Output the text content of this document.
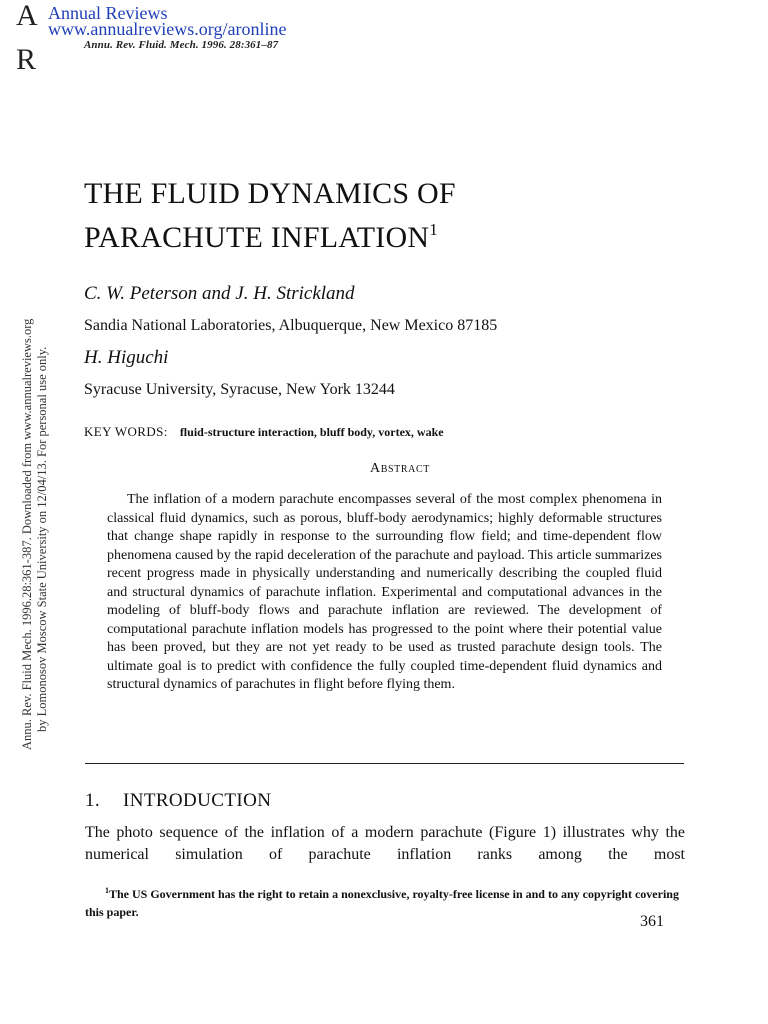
AR
Annual Reviews
www.annualreviews.org/aronline
Annu. Rev. Fluid. Mech. 1996. 28:361–87
Annu. Rev. Fluid Mech. 1996.28:361-387. Downloaded from www.annualreviews.org by Lomonosov Moscow State University on 12/04/13. For personal use only.
THE FLUID DYNAMICS OF
PARACHUTE INFLATION$^1$
C. W. Peterson and J. H. Strickland
Sandia National Laboratories, Albuquerque, New Mexico 87185
H. Higuchi
Syracuse University, Syracuse, New York 13244
KEY WORDS: fluid-structure interaction, bluff body, vortex, wake
Abstract

The inflation of a modern parachute encompasses several of the most complex phenomena in classical fluid dynamics, such as porous, bluff-body aerodynamics; highly deformable structures that change shape rapidly in response to the surrounding flow field; and time-dependent flow phenomena caused by the rapid deceleration of the parachute and payload. This article summarizes recent progress made in physically understanding and numerically describing the coupled fluid and structural dynamics of parachute inflation. Experimental and computational advances in the modeling of bluff-body flows and parachute inflation are reviewed. The development of computational parachute inflation models has progressed to the point where their potential value has been proved, but they are not yet ready to be used as trusted parachute design tools. The ultimate goal is to predict with confidence the fully coupled time-dependent fluid dynamics and structural dynamics of parachutes in flight before flying them.

1. INTRODUCTION

The photo sequence of the inflation of a modern parachute (Figure 1) illustrates why the numerical simulation of parachute inflation ranks among the most

$^1$The US Government has the right to retain a nonexclusive, royalty-free license in and to any copyright covering this paper.

361
